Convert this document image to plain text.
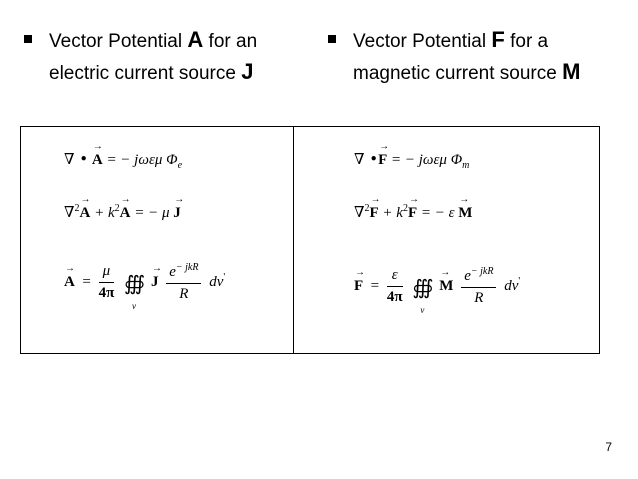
Vector Potential A for an
electric current source J
Vector Potential F for a
magnetic current source M
∇ • → A = − jωεμ $\Phi_e$
$\nabla^2\to A + k^2\to A$ = − μ → J
→ $A = \frac{\mu}{4\pi}$ ∰
v
→ J $\frac{e^{- jkR}}{R} dv'$
∇ •→ F = − jωεμ $\Phi_m$
$\nabla^2\to F + k^2\to F$ = − ε → M
→ $F = \frac{\varepsilon}{4\pi}$ ∰
v
→ M $\frac{e^{- jkR}}{R} dv'$
7
